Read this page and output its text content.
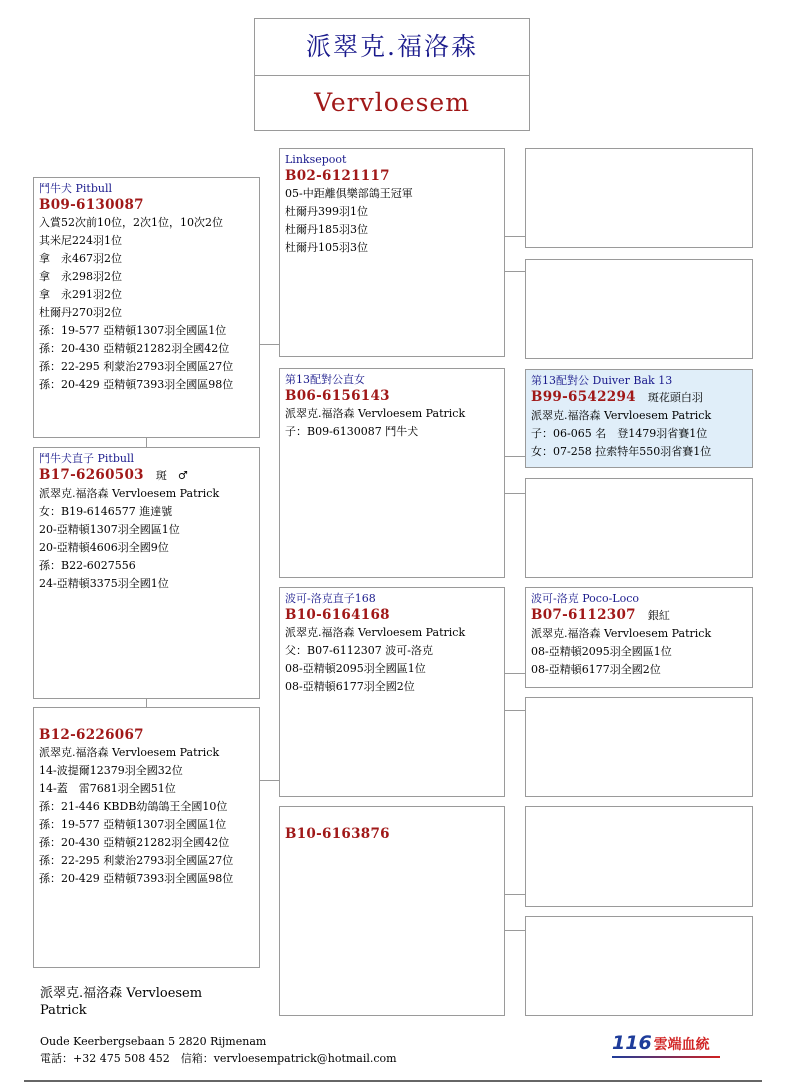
派翠克.福洛森
Vervloesem
鬥牛犬 Pitbull
B09-6130087
入賞52次前10位，2次1位，10次2位
其米尼224羽1位
拿　永467羽2位
拿　永298羽2位
拿　永291羽2位
杜爾丹270羽2位
孫：19-577 亞精頓1307羽全國區1位
孫：20-430 亞精頓21282羽全國42位
孫：22-295 利蒙治2793羽全國區27位
孫：20-429 亞精頓7393羽全國區98位
鬥牛犬直子 Pitbull
B17-6260503 斑　♂
派翠克.福洛森 Vervloesem Patrick
女：B19-6146577 進達號
20-亞精頓1307羽全國區1位
20-亞精頓4606羽全國9位
孫：B22-6027556
24-亞精頓3375羽全國1位
B12-6226067
派翠克.福洛森 Vervloesem Patrick
14-波提爾12379羽全國32位
14-蓋　雷7681羽全國51位
孫：21-446 KBDB幼鴿鴿王全國10位
孫：19-577 亞精頓1307羽全國區1位
孫：20-430 亞精頓21282羽全國42位
孫：22-295 利蒙治2793羽全國區27位
孫：20-429 亞精頓7393羽全國區98位
Linksepoot
B02-6121117
05-中距離俱樂部鴿王冠軍
杜爾丹399羽1位
杜爾丹185羽3位
杜爾丹105羽3位
第13配對公直女
B06-6156143
派翠克.福洛森 Vervloesem Patrick
子：B09-6130087 鬥牛犬
波可-洛克直子168
B10-6164168
派翠克.福洛森 Vervloesem Patrick
父：B07-6112307 波可-洛克
08-亞精頓2095羽全國區1位
08-亞精頓6177羽全國2位
B10-6163876
第13配對公 Duiver Bak 13
B99-6542294 斑花頭白羽
派翠克.福洛森 Vervloesem Patrick
子：06-065 名　登1479羽省賽1位
女：07-258 拉索特年550羽省賽1位
波可-洛克 Poco-Loco
B07-6112307 銀紅
派翠克.福洛森 Vervloesem Patrick
08-亞精頓2095羽全國區1位
08-亞精頓6177羽全國2位
派翠克.福洛森 Vervloesem
Patrick
Oude Keerbergsebaan 5 2820 Rijmenam
電話：+32 475 508 452　信箱：vervloesempatrick@hotmail.com
116 雲端血統
